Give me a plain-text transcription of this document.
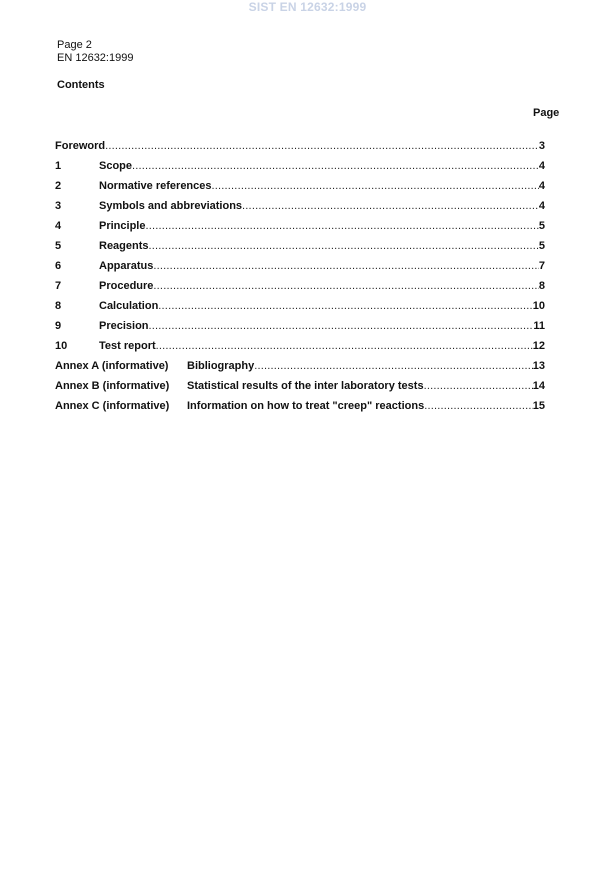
SIST EN 12632:1999
Page 2
EN 12632:1999
Contents
Page
Foreword .....	3
1	Scope .....	4
2	Normative references .....	4
3	Symbols and abbreviations .....	4
4	Principle .....	5
5	Reagents .....	5
6	Apparatus .....	7
7	Procedure .....	8
8	Calculation .....	10
9	Precision .....	11
10	Test report .....	12
Annex A (informative)	Bibliography .....	13
Annex B (informative)	Statistical results of the inter laboratory tests .....	14
Annex C (informative)	Information on how to treat "creep" reactions .....	15
